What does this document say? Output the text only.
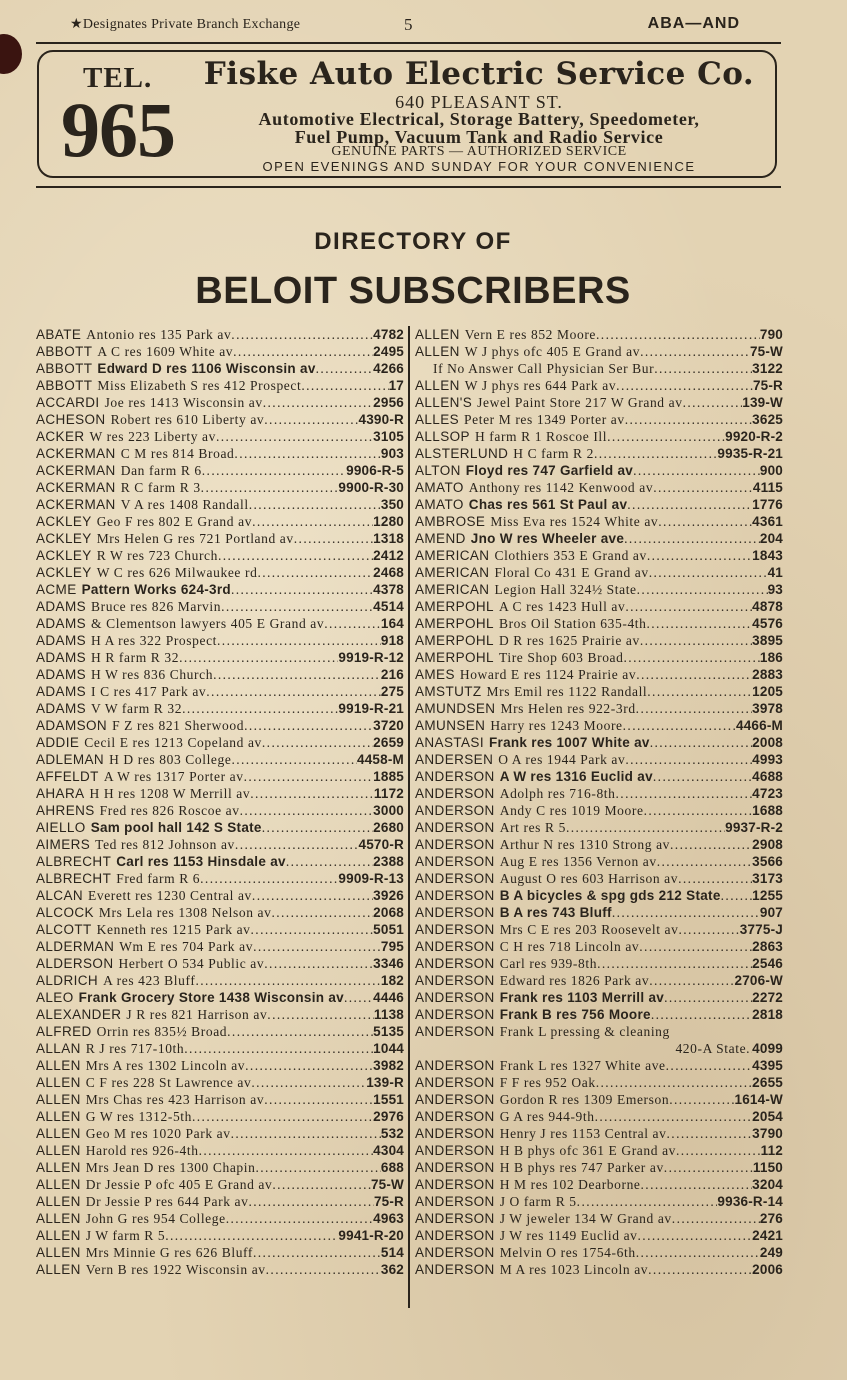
★Designates Private Branch Exchange	5	ABA—AND
TEL.
965
Fiske Auto Electric Service Co.
640 PLEASANT ST.
Automotive Electrical, Storage Battery, Speedometer,
Fuel Pump, Vacuum Tank and Radio Service
GENUINE PARTS — AUTHORIZED SERVICE
OPEN EVENINGS AND SUNDAY FOR YOUR CONVENIENCE
DIRECTORY OF
BELOIT SUBSCRIBERS
ABATE Antonio res 135 Park av .....	4782
ABBOTT A C res 1609 White av .....	2495
ABBOTT Edward D res 1106 Wisconsin av .....	4266
ABBOTT Miss Elizabeth S res 412 Prospect .....	17
ACCARDI Joe res 1413 Wisconsin av .....	2956
ACHESON Robert res 610 Liberty av .....	4390-R
ACKER W res 223 Liberty av .....	3105
ACKERMAN C M res 814 Broad .....	903
ACKERMAN Dan farm R 6 .....	9906-R-5
ACKERMAN R C farm R 3 .....	9900-R-30
ACKERMAN V A res 1408 Randall .....	350
ACKLEY Geo F res 802 E Grand av .....	1280
ACKLEY Mrs Helen G res 721 Portland av .....	1318
ACKLEY R W res 723 Church .....	2412
ACKLEY W C res 626 Milwaukee rd .....	2468
ACME Pattern Works 624-3rd .....	4378
ADAMS Bruce res 826 Marvin .....	4514
ADAMS & Clementson lawyers 405 E Grand av .....	164
ADAMS H A res 322 Prospect .....	918
ADAMS H R farm R 32 .....	9919-R-12
ADAMS H W res 836 Church .....	216
ADAMS I C res 417 Park av .....	275
ADAMS V W farm R 32 .....	9919-R-21
ADAMSON F Z res 821 Sherwood .....	3720
ADDIE Cecil E res 1213 Copeland av .....	2659
ADLEMAN H D res 803 College .....	4458-M
AFFELDT A W res 1317 Porter av .....	1885
AHARA H H res 1208 W Merrill av .....	1172
AHRENS Fred res 826 Roscoe av .....	3000
AIELLO Sam pool hall 142 S State .....	2680
AIMERS Ted res 812 Johnson av .....	4570-R
ALBRECHT Carl res 1153 Hinsdale av .....	2388
ALBRECHT Fred farm R 6 .....	9909-R-13
ALCAN Everett res 1230 Central av .....	3926
ALCOCK Mrs Lela res 1308 Nelson av .....	2068
ALCOTT Kenneth res 1215 Park av .....	5051
ALDERMAN Wm E res 704 Park av .....	795
ALDERSON Herbert O 534 Public av .....	3346
ALDRICH A res 423 Bluff .....	182
ALEO Frank Grocery Store 1438 Wisconsin av ..... 4446
ALEXANDER J R res 821 Harrison av .....	1138
ALFRED Orrin res 835½ Broad .....	5135
ALLAN R J res 717-10th .....	1044
ALLEN Mrs A res 1302 Lincoln av .....	3982
ALLEN C F res 228 St Lawrence av .....	139-R
ALLEN Mrs Chas res 423 Harrison av .....	1551
ALLEN G W res 1312-5th .....	2976
ALLEN Geo M res 1020 Park av .....	532
ALLEN Harold res 926-4th .....	4304
ALLEN Mrs Jean D res 1300 Chapin .....	688
ALLEN Dr Jessie P ofc 405 E Grand av .....	75-W
ALLEN Dr Jessie P res 644 Park av .....	75-R
ALLEN John G res 954 College .....	4963
ALLEN J W farm R 5 .....	9941-R-20
ALLEN Mrs Minnie G res 626 Bluff .....	514
ALLEN Vern B res 1922 Wisconsin av .....	362
ALLEN Vern E res 852 Moore .....	790
ALLEN W J phys ofc 405 E Grand av .....	75-W
If No Answer Call Physician Ser Bur .....	3122
ALLEN W J phys res 644 Park av .....	75-R
ALLEN'S Jewel Paint Store 217 W Grand av .....	139-W
ALLES Peter M res 1349 Porter av .....	3625
ALLSOP H farm R 1 Roscoe Ill .....	9920-R-2
ALSTERLUND H C farm R 2 .....	9935-R-21
ALTON Floyd res 747 Garfield av .....	900
AMATO Anthony res 1142 Kenwood av .....	4115
AMATO Chas res 561 St Paul av .....	1776
AMBROSE Miss Eva res 1524 White av .....	4361
AMEND Jno W res Wheeler ave .....	204
AMERICAN Clothiers 353 E Grand av .....	1843
AMERICAN Floral Co 431 E Grand av .....	41
AMERICAN Legion Hall 324½ State .....	93
AMERPOHL A C res 1423 Hull av .....	4878
AMERPOHL Bros Oil Station 635-4th .....	4576
AMERPOHL D R res 1625 Prairie av .....	3895
AMERPOHL Tire Shop 603 Broad .....	186
AMES Howard E res 1124 Prairie av .....	2883
AMSTUTZ Mrs Emil res 1122 Randall .....	1205
AMUNDSEN Mrs Helen res 922-3rd .....	3978
AMUNSEN Harry res 1243 Moore .....	4466-M
ANASTASI Frank res 1007 White av .....	2008
ANDERSEN O A res 1944 Park av .....	4993
ANDERSON A W res 1316 Euclid av .....	4688
ANDERSON Adolph res 716-8th .....	4723
ANDERSON Andy C res 1019 Moore .....	1688
ANDERSON Art res R 5 .....	9937-R-2
ANDERSON Arthur N res 1310 Strong av .....	2908
ANDERSON Aug E res 1356 Vernon av .....	3566
ANDERSON August O res 603 Harrison av .....	3173
ANDERSON B A bicycles & spg gds 212 State ..... 1255
ANDERSON B A res 743 Bluff .....	907
ANDERSON Mrs C E res 203 Roosevelt av .....	3775-J
ANDERSON C H res 718 Lincoln av .....	2863
ANDERSON Carl res 939-8th .....	2546
ANDERSON Edward res 1826 Park av .....	2706-W
ANDERSON Frank res 1103 Merrill av .....	2272
ANDERSON Frank B res 756 Moore .....	2818
ANDERSON Frank L pressing & cleaning
420-A State ..... 4099
ANDERSON Frank L res 1327 White ave .....	4395
ANDERSON F F res 952 Oak .....	2655
ANDERSON Gordon R res 1309 Emerson .....	1614-W
ANDERSON G A res 944-9th .....	2054
ANDERSON Henry J res 1153 Central av .....	3790
ANDERSON H B phys ofc 361 E Grand av .....	112
ANDERSON H B phys res 747 Parker av .....	1150
ANDERSON H M res 102 Dearborne .....	3204
ANDERSON J O farm R 5 .....	9936-R-14
ANDERSON J W jeweler 134 W Grand av .....	276
ANDERSON J W res 1149 Euclid av .....	2421
ANDERSON Melvin O res 1754-6th .....	249
ANDERSON M A res 1023 Lincoln av .....	2006
